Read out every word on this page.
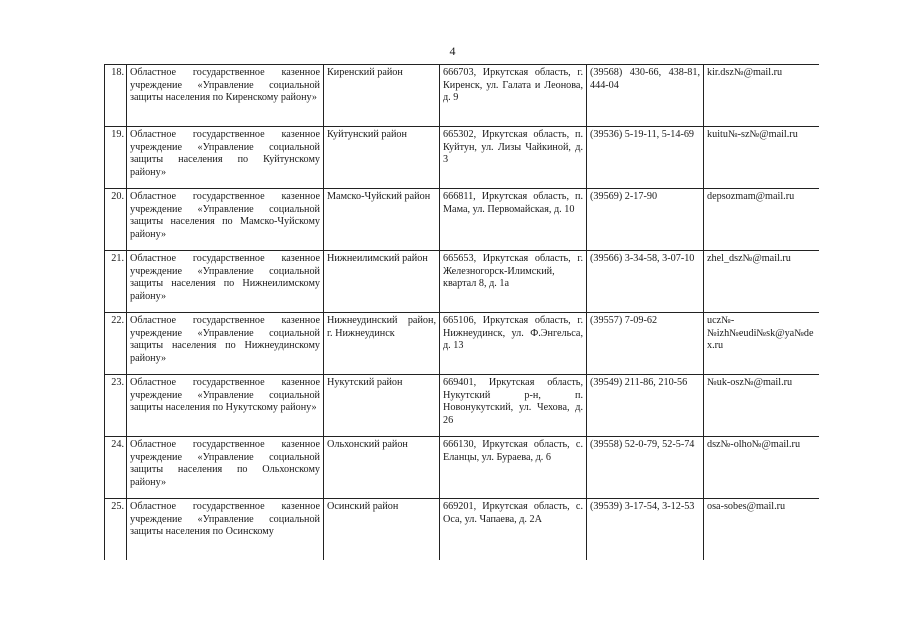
4
18.	Областное государственное казенное учреждение «Управление социальной защиты населения по Киренскому району»	Киренский район	666703, Иркутская область, г. Киренск, ул. Галата и Леонова, д. 9	(39568) 430-66, 438-81, 444-04	kir.dsz№@mail.ru
19.	Областное государственное казенное учреждение «Управление социальной защиты населения по Куйтунскому району»	Куйтунский район	665302, Иркутская область, п. Куйтун, ул. Лизы Чайкиной, д. 3	(39536) 5-19-11, 5-14-69	kuitu№-sz№@mail.ru
20.	Областное государственное казенное учреждение «Управление социальной защиты населения по Мамско-Чуйскому району»	Мамско-Чуйский район	666811, Иркутская область, п. Мама, ул. Первомайская, д. 10	(39569) 2-17-90	depsozmam@mail.ru
21.	Областное государственное казенное учреждение «Управление социальной защиты населения по Нижнеилимскому району»	Нижнеилимский район	665653, Иркутская область, г. Железногорск-Илимский, квартал 8, д. 1а	(39566) 3-34-58, 3-07-10	zhel_dsz№@mail.ru
22.	Областное государственное казенное учреждение «Управление социальной защиты населения по Нижнеудинскому району»	Нижнеудинский район, г. Нижнеудинск	665106, Иркутская область, г. Нижнеудинск, ул. Ф.Энгельса, д. 13	(39557) 7-09-62	ucz№-№izh№eudi№sk@ya№dex.ru
23.	Областное государственное казенное учреждение «Управление социальной защиты населения по Нукутскому району»	Нукутский район	669401, Иркутская область, Нукутский р-н, п. Новонукутский, ул. Чехова, д. 26	(39549) 211-86, 210-56	№uk-osz№@mail.ru
24.	Областное государственное казенное учреждение «Управление социальной защиты населения по Ольхонскому району»	Ольхонский район	666130, Иркутская область, с. Еланцы, ул. Бураева, д. 6	(39558) 52-0-79, 52-5-74	dsz№-olho№@mail.ru
25.	Областное государственное казенное учреждение «Управление социальной защиты населения по Осинскому	Осинский район	669201, Иркутская область, с. Оса, ул. Чапаева, д. 2А	(39539) 3-17-54, 3-12-53	osa-sobes@mail.ru
